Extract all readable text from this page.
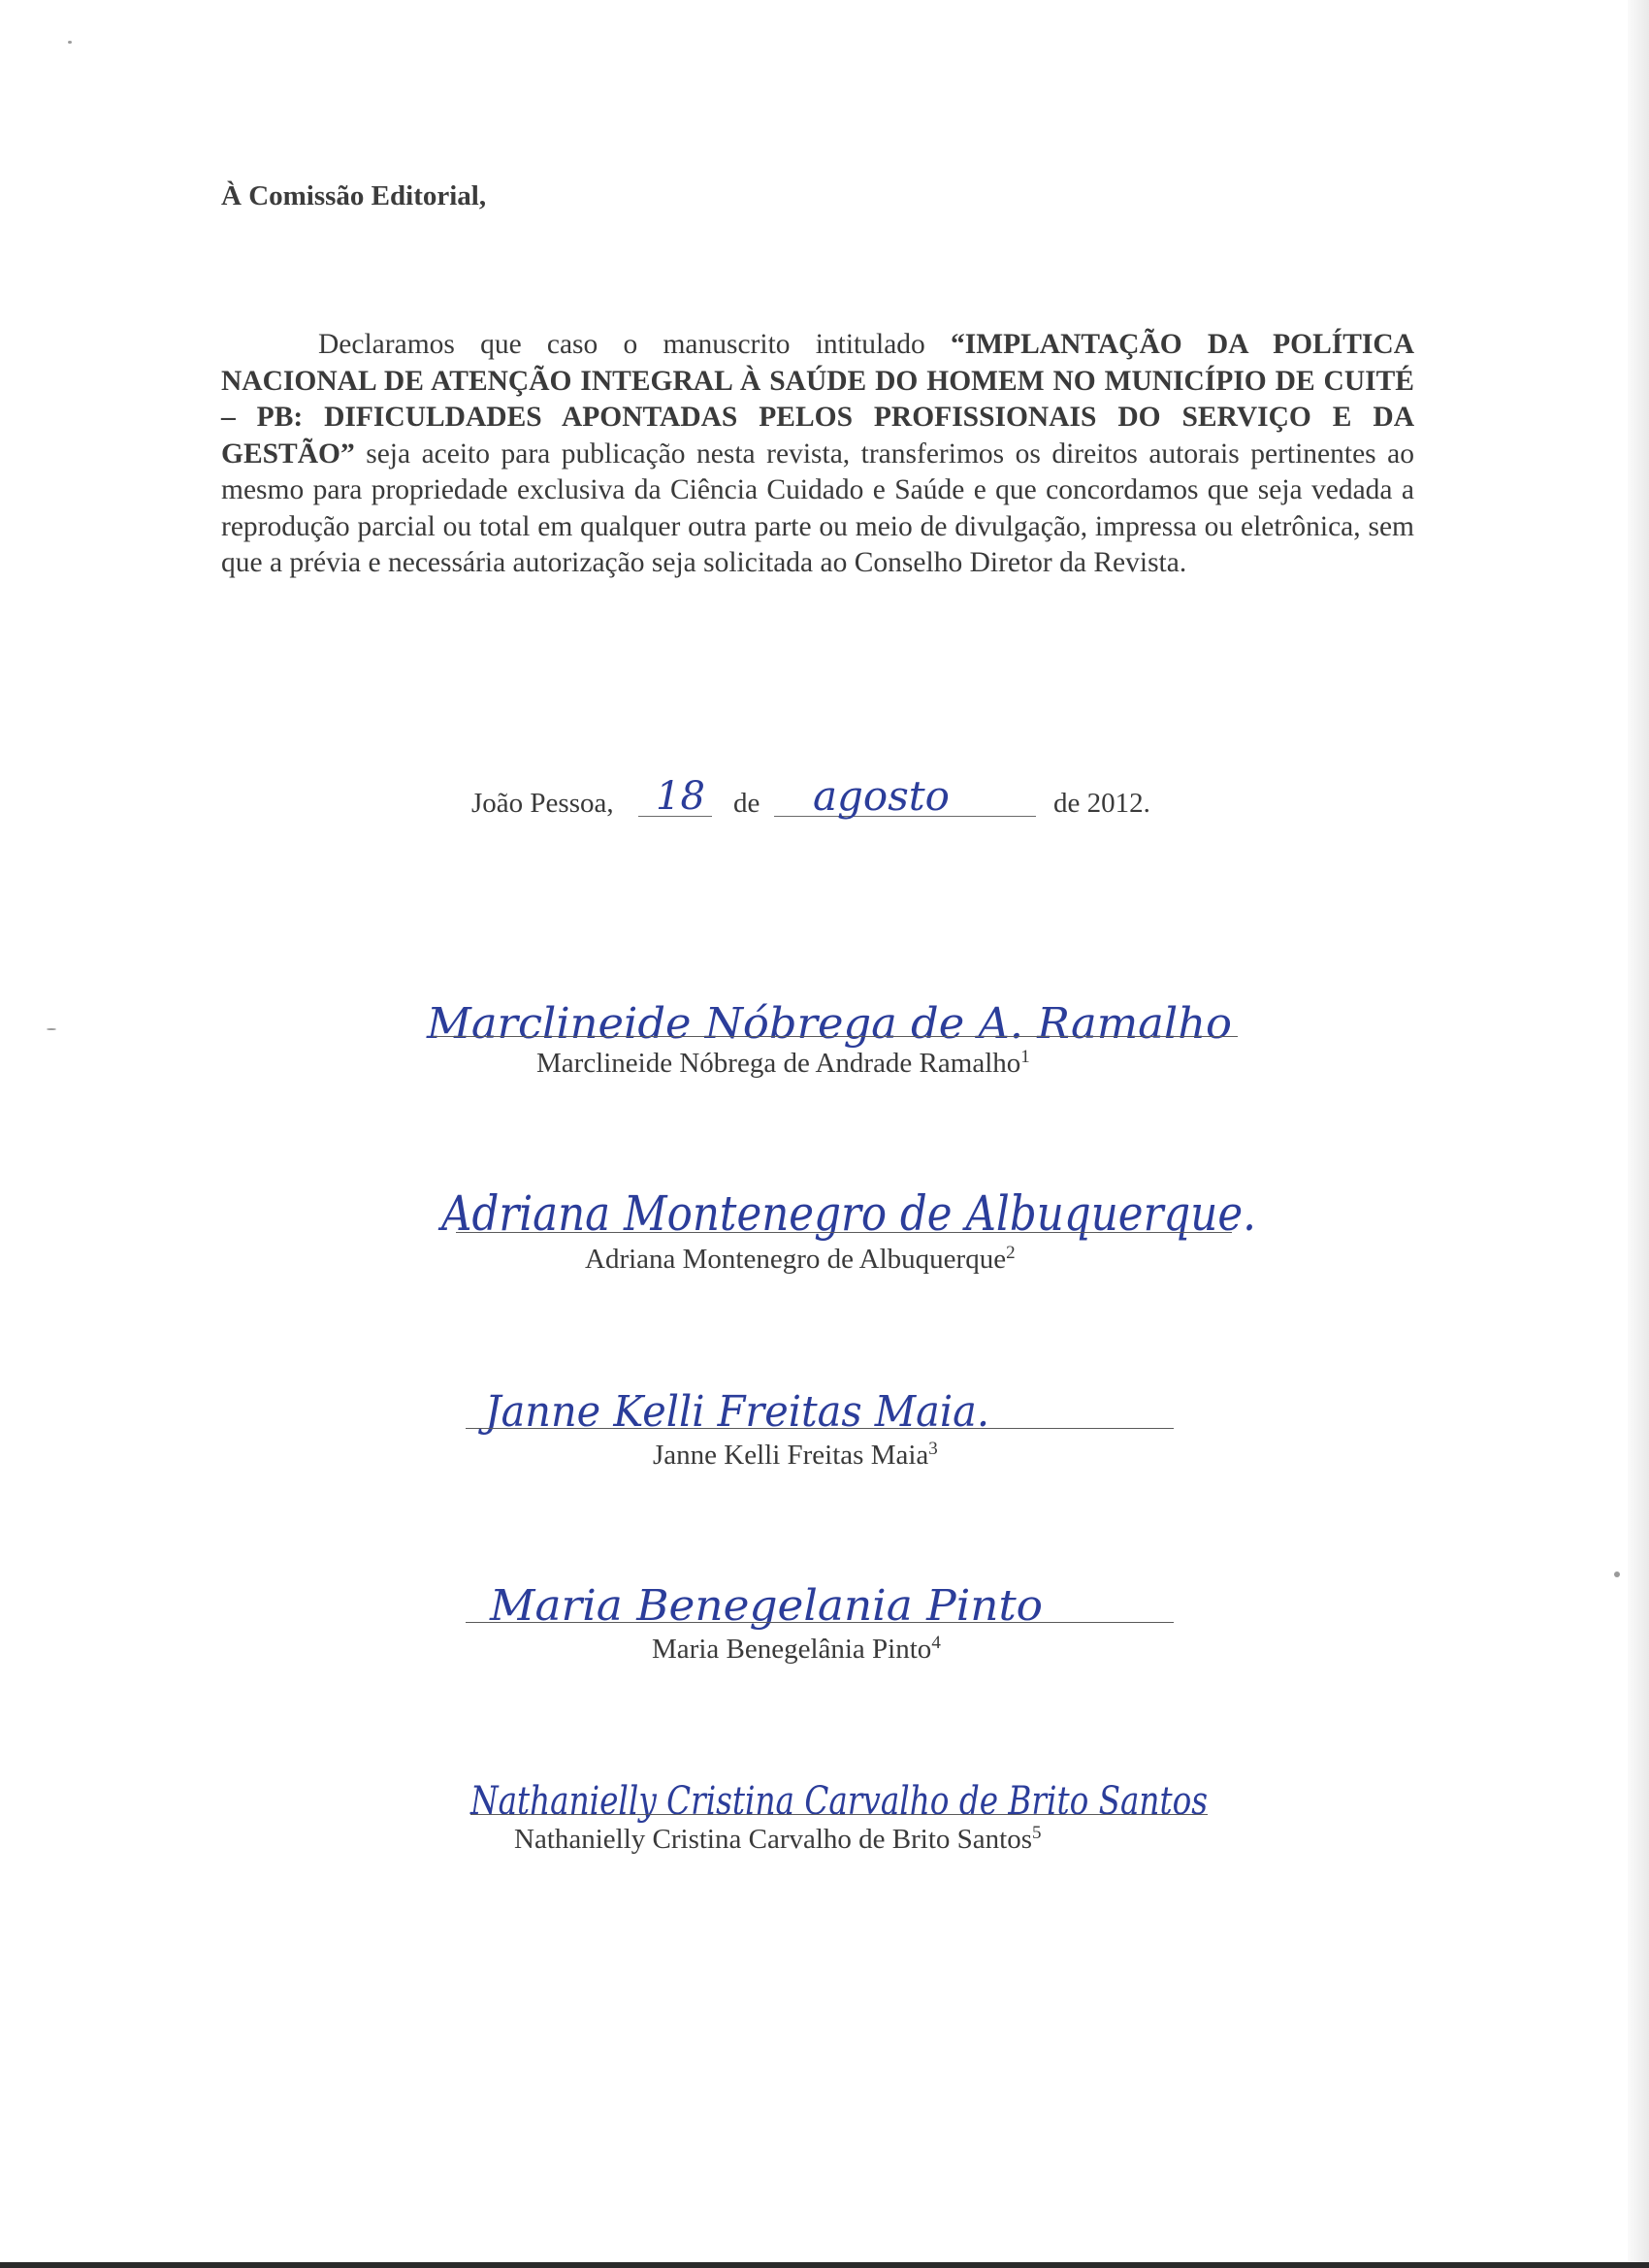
À Comissão Editorial,
Declaramos que caso o manuscrito intitulado “IMPLANTAÇÃO DA POLÍTICA NACIONAL DE ATENÇÃO INTEGRAL À SAÚDE DO HOMEM NO MUNICÍPIO DE CUITÉ – PB: DIFICULDADES APONTADAS PELOS PROFISSIONAIS DO SERVIÇO E DA GESTÃO” seja aceito para publicação nesta revista, transferimos os direitos autorais pertinentes ao mesmo para propriedade exclusiva da Ciência Cuidado e Saúde e que concordamos que seja vedada a reprodução parcial ou total em qualquer outra parte ou meio de divulgação, impressa ou eletrônica, sem que a prévia e necessária autorização seja solicitada ao Conselho Diretor da Revista.
João Pessoa, 18 de agosto	de 2012.
Marclineide Nóbrega de A. Ramalho
Marclineide Nóbrega de Andrade Ramalho$^1$
Adriana Montenegro de Albuquerque.
Adriana Montenegro de Albuquerque$^2$
Janne Kelli Freitas Maia.
Janne Kelli Freitas Maia$^3$
Maria Benegelania Pinto
Maria Benegelânia Pinto$^4$
Nathanielly Cristina Carvalho de Brito Santos
Nathanielly Cristina Carvalho de Brito Santos$^5$
